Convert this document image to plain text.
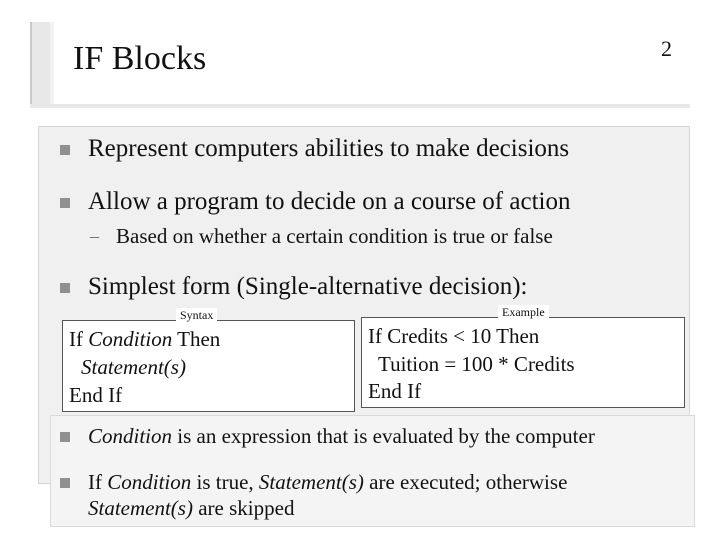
IF Blocks	2
Represent computers abilities to make decisions
Allow a program to decide on a course of action
– Based on whether a certain condition is true or false
Simplest form (Single-alternative decision):
If Condition Then
Statement(s)
End If
Syntax
If Credits < 10 Then
Tuition = 100 * Credits
End If
Example
Condition is an expression that is evaluated by the computer
If Condition is true, Statement(s) are executed; otherwise
Statement(s) are skipped
